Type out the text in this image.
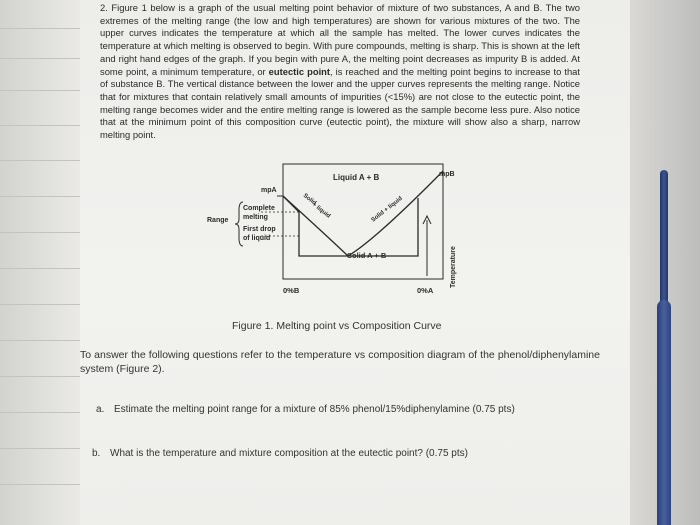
2. Figure 1 below is a graph of the usual melting point behavior of mixture of two substances, A and B. The two extremes of the melting range (the low and high temperatures) are shown for various mixtures of the two. The upper curves indicates the temperature at which all the sample has melted. The lower curves indicates the temperature at which melting is observed to begin. With pure compounds, melting is sharp. This is shown at the left and right hand edges of the graph. If you begin with pure A, the melting point decreases as impurity B is added. At some point, a minimum temperature, or eutectic point, is reached and the melting point begins to increase to that of substance B. The vertical distance between the lower and the upper curves represents the melting range. Notice that for mixtures that contain relatively small amounts of impurities (<15%) are not close to the eutectic point, the melting range becomes wider and the entire melting range is lowered as the sample become less pure. Also notice that at the minimum point of this composition curve (eutectic point), the mixture will show also a sharp, narrow melting point.
Liquid A + B
mpA
mpB
Complete
melting
Range
First drop
of liquid
Solid
+ liquid	Solid + liquid
Solid A + B	Temperature
0%B	0%A
Figure 1. Melting point vs Composition Curve
To answer the following questions refer to the temperature vs composition diagram of the phenol/diphenylamine system (Figure 2).
a. Estimate the melting point range for a mixture of 85% phenol/15%diphenylamine (0.75 pts)
b. What is the temperature and mixture composition at the eutectic point? (0.75 pts)
